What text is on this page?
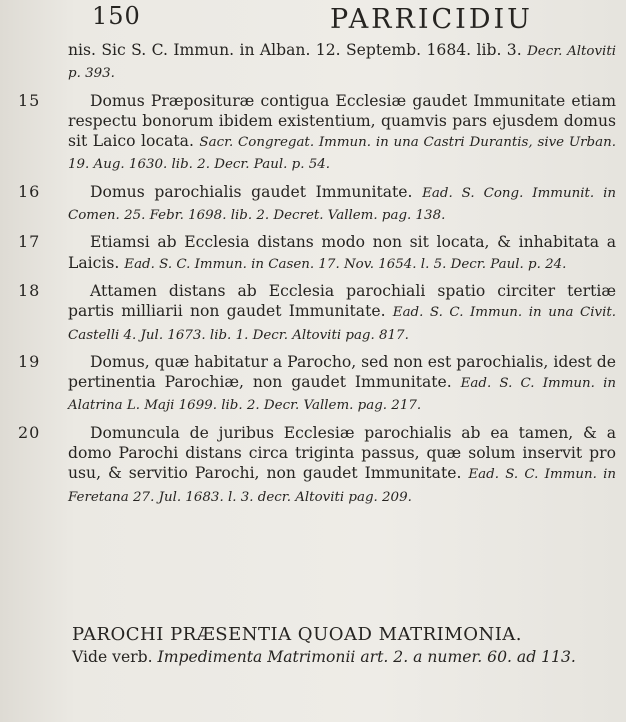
150	PARRICIDIU
nis. Sic S. C. Immun. in Alban. 12. Septemb. 1684. lib. 3. Decr. Altoviti p. 393.
15	Domus Præposituræ contigua Ecclesiæ gaudet Immunitate etiam respectu bonorum ibidem existentium, quamvis pars ejusdem domus sit Laico locata. Sacr. Congregat. Immun. in una Castri Durantis, sive Urban. 19. Aug. 1630. lib. 2. Decr. Paul. p. 54.
16	Domus parochialis gaudet Immunitate. Ead. S. Cong. Immunit. in Comen. 25. Febr. 1698. lib. 2. Decret. Vallem. pag. 138.
17	Etiamsi ab Ecclesia distans modo non sit locata, & inhabitata a Laicis. Ead. S. C. Immun. in Casen. 17. Nov. 1654. l. 5. Decr. Paul. p. 24.
18	Attamen distans ab Ecclesia parochiali spatio circiter tertiæ partis milliarii non gaudet Immunitate. Ead. S. C. Immun. in una Civit. Castelli 4. Jul. 1673. lib. 1. Decr. Altoviti pag. 817.
19	Domus, quæ habitatur a Parocho, sed non est parochialis, idest de pertinentia Parochiæ, non gaudet Immunitate. Ead. S. C. Immun. in Alatrina L. Maji 1699. lib. 2. Decr. Vallem. pag. 217.
20	Domuncula de juribus Ecclesiæ parochialis ab ea tamen, & a domo Parochi distans circa triginta passus, quæ solum inservit pro usu, & servitio Parochi, non gaudet Immunitate. Ead. S. C. Immun. in Feretana 27. Jul. 1683. l. 3. decr. Altoviti pag. 209.
PAROCHI PRÆSENTIA QUOAD MATRIMONIA.
Vide verb. Impedimenta Matrimonii art. 2. a numer. 60. ad 113.
